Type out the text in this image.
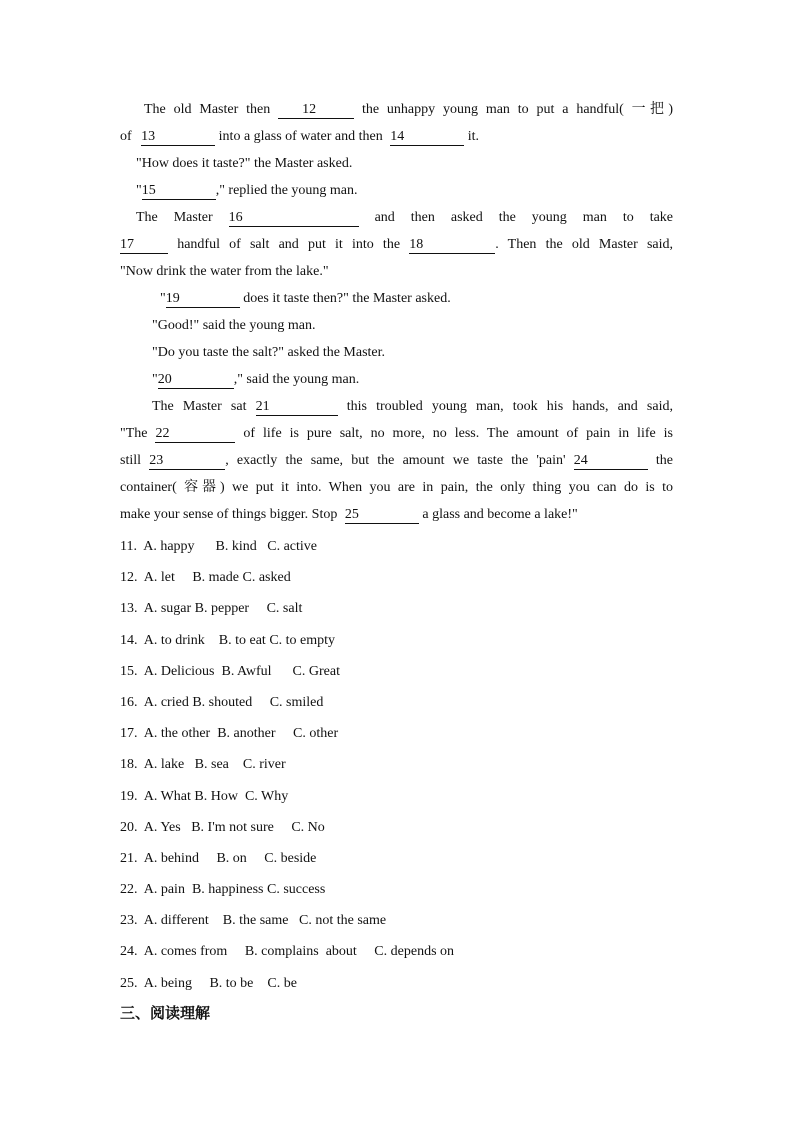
The old Master then 12	the unhappy young man to put a handful( 一把)

of 13	into a glass of water and then 14	it.

"How does it taste?" the Master asked.

"15	," replied the young man.

The Master 16	and then asked the young man to take

17	handful of salt and put it into the 18	. Then the old Master said,

"Now drink the water from the lake."

"19	does it taste then?" the Master asked.

"Good!" said the young man.

"Do you taste the salt?" asked the Master.

"20	," said the young man.

The Master sat 21	this troubled young man, took his hands, and said,

"The 22	of life is pure salt, no more, no less. The amount of pain in life is

still 23	, exactly the same, but the amount we taste the 'pain' 24	the

container( 容器) we put it into. When you are in pain, the only thing you can do is to

make your sense of things bigger. Stop 25	a glass and become a lake!"

11.  A. happy      B. kind   C. active
12.  A. let     B. made C. asked
13.  A. sugar B. pepper     C. salt
14.  A. to drink    B. to eat C. to empty
15.  A. Delicious  B. Awful      C. Great
16.  A. cried B. shouted     C. smiled
17.  A. the other  B. another     C. other
18.  A. lake   B. sea    C. river
19.  A. What B. How  C. Why
20.  A. Yes   B. I'm not sure     C. No
21.  A. behind     B. on     C. beside
22.  A. pain  B. happiness C. success
23.  A. different    B. the same   C. not the same
24.  A. comes from     B. complains  about     C. depends on
25.  A. being     B. to be    C. be
三、阅读理解
